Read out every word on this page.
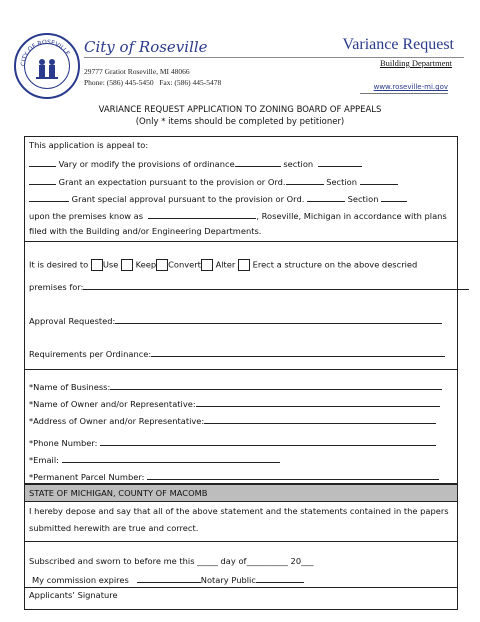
CITY OF ROSEVILLE City of Roseville
29777 Gratiot Roseville, MI 48066
Phone: (586) 445-5450 Fax: (586) 445-5478
Variance Request
Building Department
www.roseville-mi.gov
VARIANCE REQUEST APPLICATION TO ZONING BOARD OF APPEALS
(Only * items should be completed by petitioner)
This application is appeal to:
Vary or modify the provisions of ordinance	section
Grant an expectation pursuant to the provision or Ord.	Section
Grant special approval pursuant to the provision or Ord.	Section
upon the premises know as	, Roseville, Michigan in accordance with plans
filed with the Building and/or Engineering Departments.
It is desired to Use Keep Convert Alter Erect a structure on the above descried
premises for:
Approval Requested:
Requirements per Ordinance:
*Name of Business:
*Name of Owner and/or Representative:
*Address of Owner and/or Representative:
*Phone Number:
*Email:
*Permanent Parcel Number:
STATE OF MICHIGAN, COUNTY OF MACOMB
I hereby depose and say that all of the above statement and the statements contained in the papers
submitted herewith are true and correct.
Subscribed and sworn to before me this _____ day of__________ 20___
My commission expires	Notary Public
Applicants’ Signature
